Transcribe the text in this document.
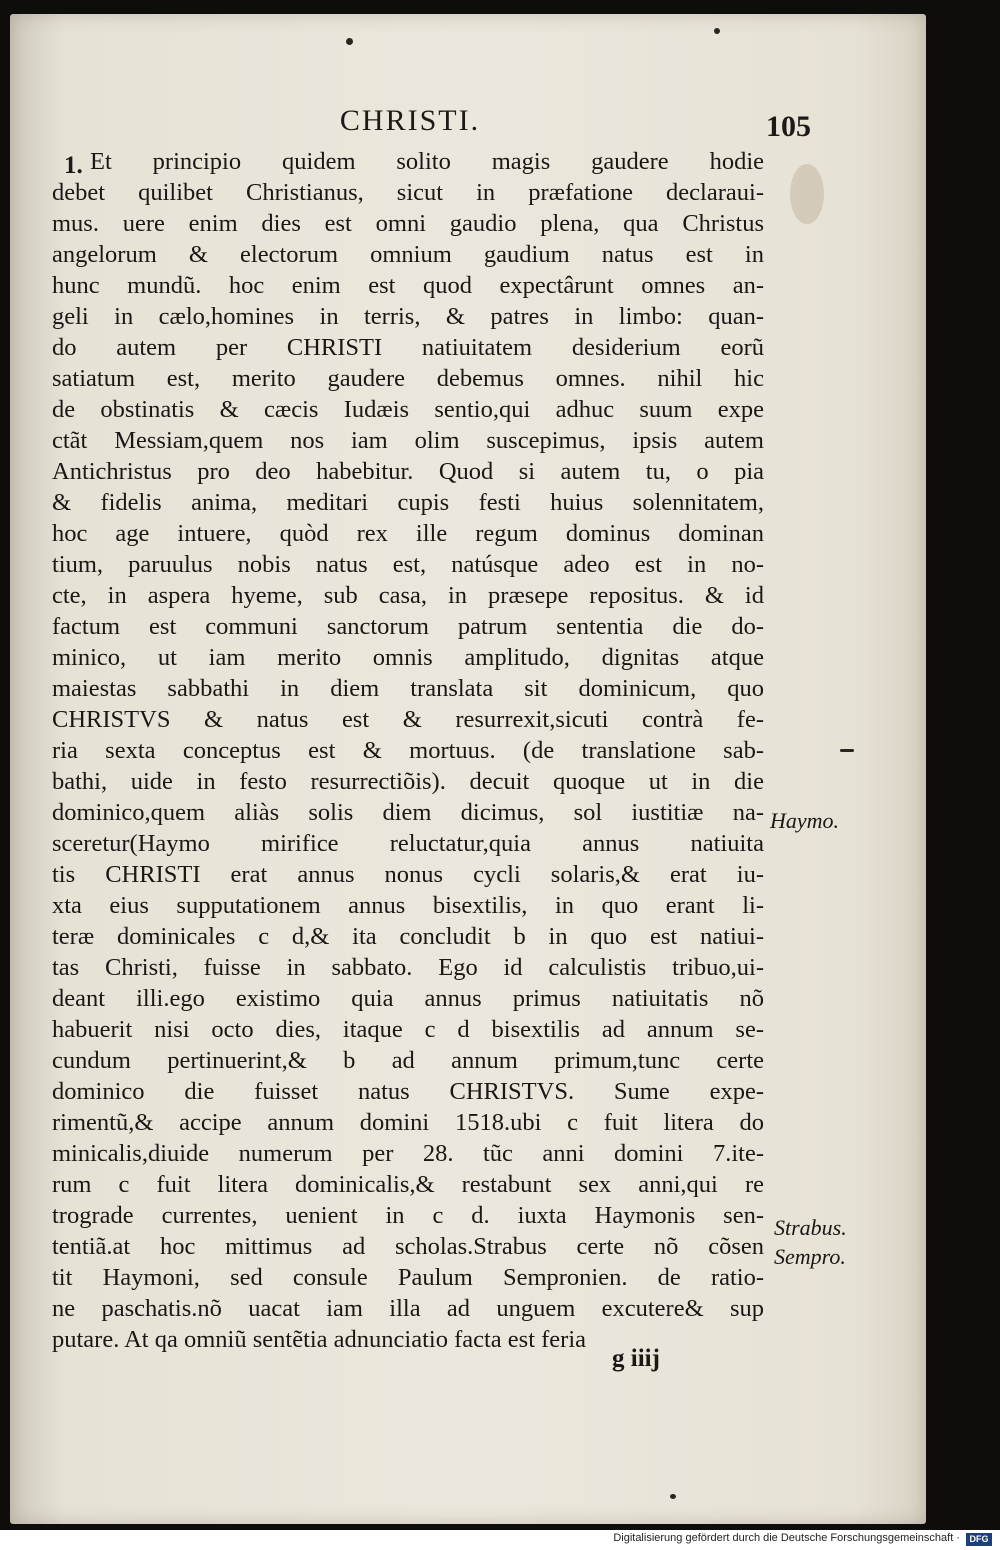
CHRISTI.	105
1. Et principio quidem solito magis gaudere hodie
debet quilibet Christianus, sicut in præfatione declaraui-
mus. uere enim dies est omni gaudio plena, qua Christus
angelorum & electorum omnium gaudium natus est in
hunc mundũ. hoc enim est quod expectârunt omnes an-
geli in cælo,homines in terris, & patres in limbo: quan-
do autem per CHRISTI natiuitatem desiderium eorũ
satiatum est, merito gaudere debemus omnes. nihil hic
de obstinatis & cæcis Iudæis sentio,qui adhuc suum expe
ctãt Messiam,quem nos iam olim suscepimus, ipsis autem
Antichristus pro deo habebitur. Quod si autem tu, o pia
& fidelis anima, meditari cupis festi huius solennitatem,
hoc age intuere, quòd rex ille regum dominus dominan
tium, paruulus nobis natus est, natúsque adeo est in no-
cte, in aspera hyeme, sub casa, in præsepe repositus. & id
factum est communi sanctorum patrum sententia die do-
minico, ut iam merito omnis amplitudo, dignitas atque
maiestas sabbathi in diem translata sit dominicum, quo
CHRISTVS & natus est & resurrexit,sicuti contrà fe-
ria sexta conceptus est & mortuus. (de translatione sab-
bathi, uide in festo resurrectiõis). decuit quoque ut in die
dominico,quem aliàs solis diem dicimus, sol iustitiæ na-
sceretur(Haymo mirifice reluctatur,quia annus natiuita
tis CHRISTI erat annus nonus cycli solaris,& erat iu-
xta eius supputationem annus bisextilis, in quo erant li-
teræ dominicales c d,& ita concludit b in quo est natiui-
tas Christi, fuisse in sabbato. Ego id calculistis tribuo,ui-
deant illi.ego existimo quia annus primus natiuitatis nõ
habuerit nisi octo dies, itaque c d bisextilis ad annum se-
cundum pertinuerint,& b ad annum primum,tunc certe
dominico die fuisset natus CHRISTVS. Sume expe-
rimentũ,& accipe annum domini 1518.ubi c fuit litera do
minicalis,diuide numerum per 28. tũc anni domini 7.ite-
rum c fuit litera dominicalis,& restabunt sex anni,qui re
trograde currentes, uenient in c d. iuxta Haymonis sen-
tentiã.at hoc mittimus ad scholas.Strabus certe nõ cõsen
tit Haymoni, sed consule Paulum Sempronien. de ratio-
ne paschatis.nõ uacat iam illa ad unguem excutere& sup
putare. At qa omniũ sentẽtia adnunciatio facta est feria
g iiij
Haymo.
Strabus.
Sempro.
Digitalisierung gefördert durch die Deutsche Forschungsgemeinschaft ·	DFG
